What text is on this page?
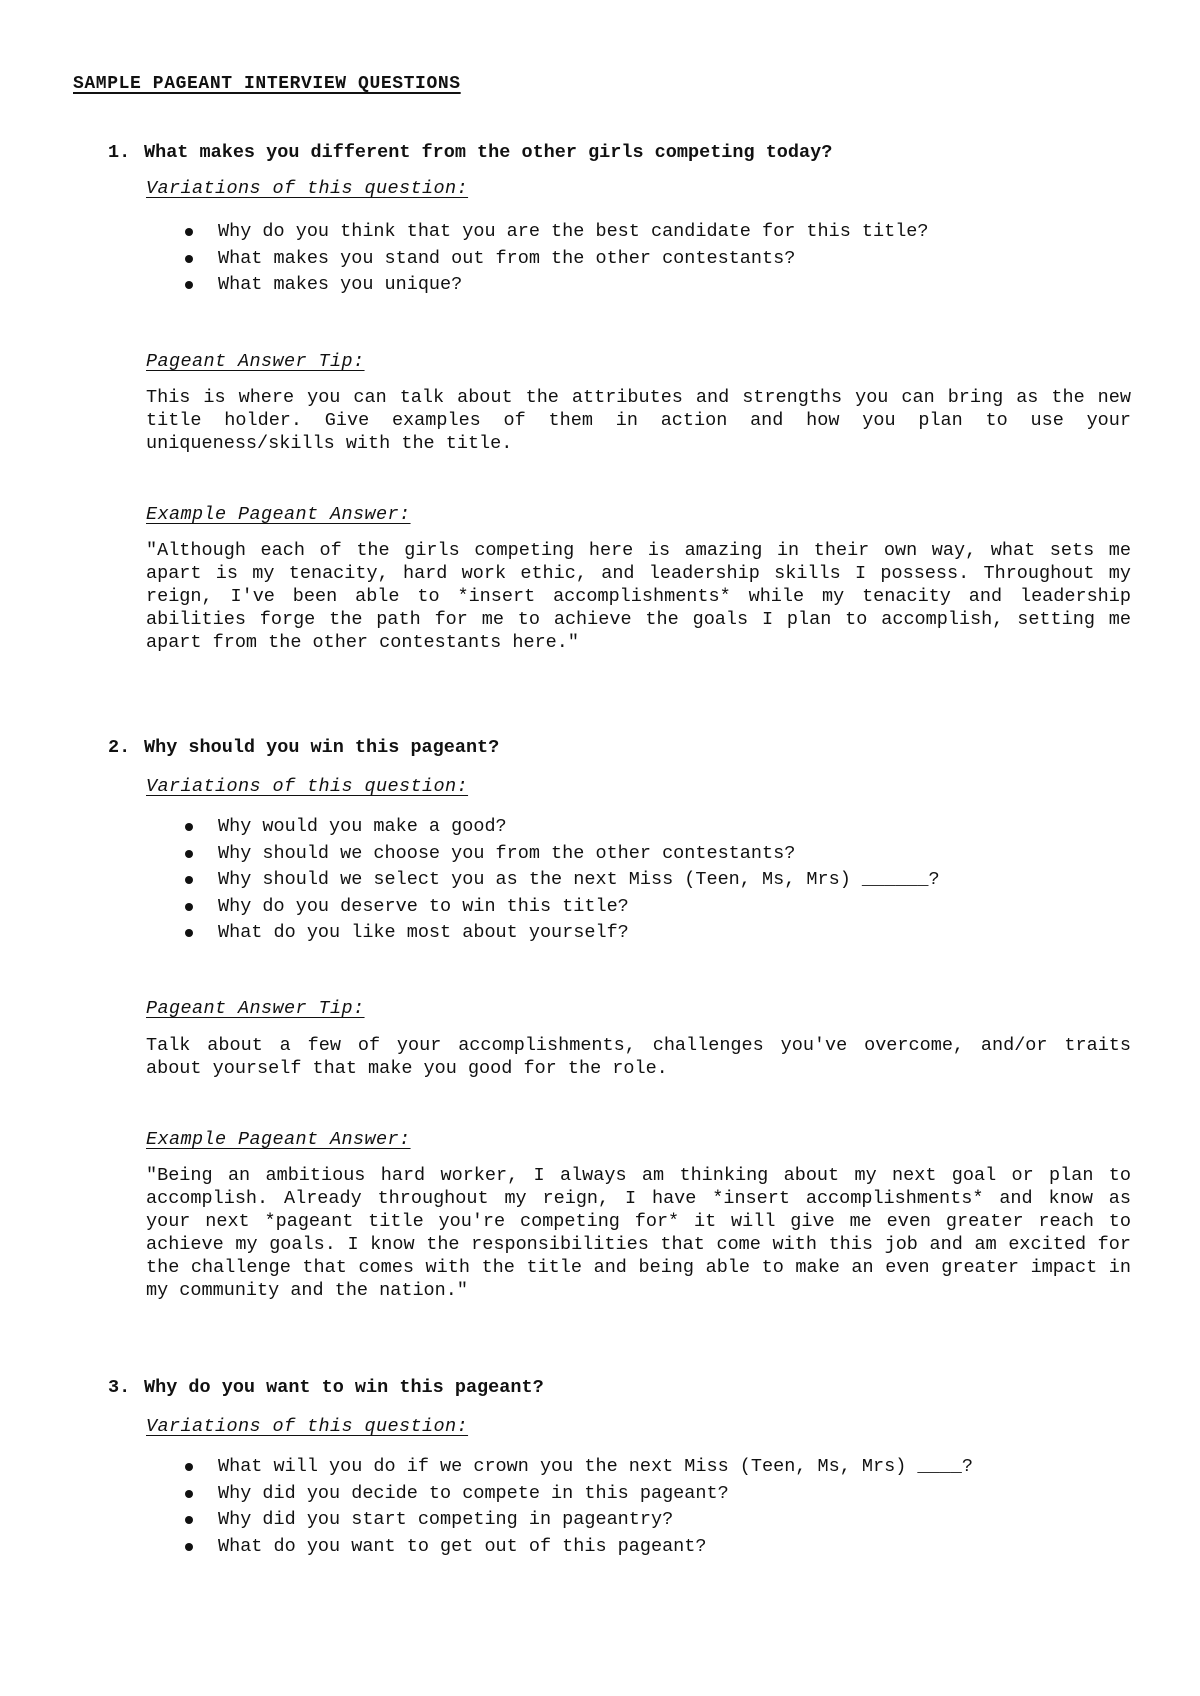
SAMPLE PAGEANT INTERVIEW QUESTIONS
1. What makes you different from the other girls competing today?
Variations of this question:
Why do you think that you are the best candidate for this title?
What makes you stand out from the other contestants?
What makes you unique?
Pageant Answer Tip:

This is where you can talk about the attributes and strengths you can bring as the new title holder. Give examples of them in action and how you plan to use your uniqueness/skills with the title.

Example Pageant Answer:

"Although each of the girls competing here is amazing in their own way, what sets me apart is my tenacity, hard work ethic, and leadership skills I possess. Throughout my reign, I've been able to *insert accomplishments* while my tenacity and leadership abilities forge the path for me to achieve the goals I plan to accomplish, setting me apart from the other contestants here."

2. Why should you win this pageant?
Variations of this question:
Why would you make a good?
Why should we choose you from the other contestants?
Why should we select you as the next Miss (Teen, Ms, Mrs) ______?
Why do you deserve to win this title?
What do you like most about yourself?
Pageant Answer Tip:

Talk about a few of your accomplishments, challenges you've overcome, and/or traits about yourself that make you good for the role.

Example Pageant Answer:

"Being an ambitious hard worker, I always am thinking about my next goal or plan to accomplish. Already throughout my reign, I have *insert accomplishments* and know as your next *pageant title you're competing for* it will give me even greater reach to achieve my goals. I know the responsibilities that come with this job and am excited for the challenge that comes with the title and being able to make an even greater impact in my community and the nation."

3. Why do you want to win this pageant?
Variations of this question:
What will you do if we crown you the next Miss (Teen, Ms, Mrs) ____?
Why did you decide to compete in this pageant?
Why did you start competing in pageantry?
What do you want to get out of this pageant?
